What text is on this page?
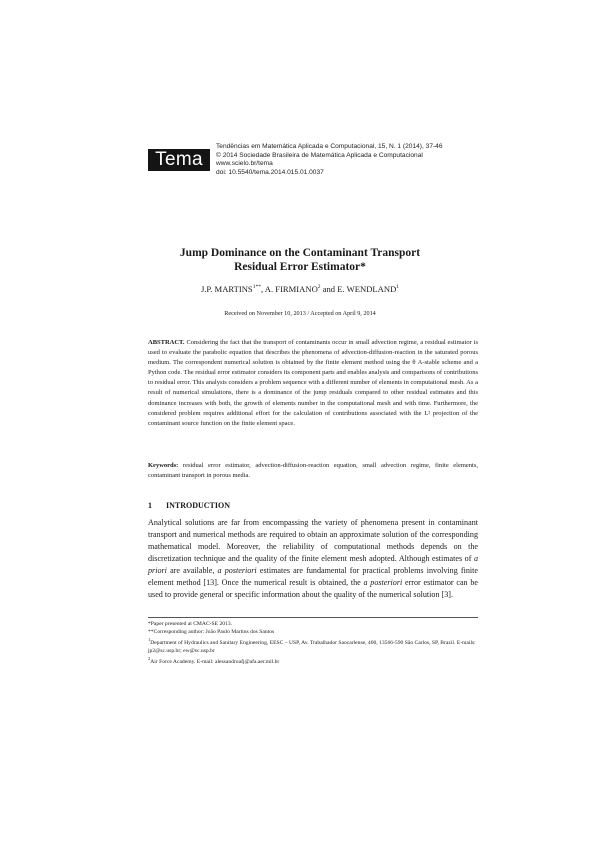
Tema
Tendências em Matemática Aplicada e Computacional, 15, N. 1 (2014), 37-46
© 2014 Sociedade Brasileira de Matemática Aplicada e Computacional
www.scielo.br/tema
doi: 10.5540/tema.2014.015.01.0037
Jump Dominance on the Contaminant Transport
Residual Error Estimator*
J.P. $MARTINS^{1**}$, A. FIRMIANO$^2$ and E. WENDLAND$^1$
Received on November 10, 2013 / Accepted on April 9, 2014
ABSTRACT. Considering the fact that the transport of contaminants occur in small advection regime, a residual estimator is used to evaluate the parabolic equation that describes the phenomena of advection-diffusion-reaction in the saturated porous medium. The correspondent numerical solution is obtained by the finite element method using the θ A-stable scheme and a Python code. The residual error estimator considers its component parts and enables analysis and comparisons of contributions to residual error. This analysis considers a problem sequence with a different number of elements in computational mesh. As a result of numerical simulations, there is a dominance of the jump residuals compared to other residual estimates and this dominance increases with both, the growth of elements number in the computational mesh and with time. Furthermore, the considered problem requires additional effort for the calculation of contributions associated with the L² projection of the contaminant source function on the finite element space.
Keywords: residual error estimator, advection-diffusion-reaction equation, small advection regime, finite elements, contaminant transport in porous media.
1 INTRODUCTION
Analytical solutions are far from encompassing the variety of phenomena present in contaminant transport and numerical methods are required to obtain an approximate solution of the corresponding mathematical model. Moreover, the reliability of computational methods depends on the discretization technique and the quality of the finite element mesh adopted. Although estimates of a priori are available, a posteriori estimates are fundamental for practical problems involving finite element method [13]. Once the numerical result is obtained, the a posteriori error estimator can be used to provide general or specific information about the quality of the numerical solution [3].
*Paper presented at CMAC-SE 2013.
**Corresponding author: João Paulo Martins dos Santos
$^1$Department of Hydraulics and Sanitary Engineering, EESC – USP, Av. Trabalhador Saocarlense, 400, 13566-590 São Carlos, SP, Brazil. E-mails: jp2@sc.usp.br; ew@sc.usp.br
$^2$Air Force Academy. E-mail: alessandroafj@afa.aer.mil.br
